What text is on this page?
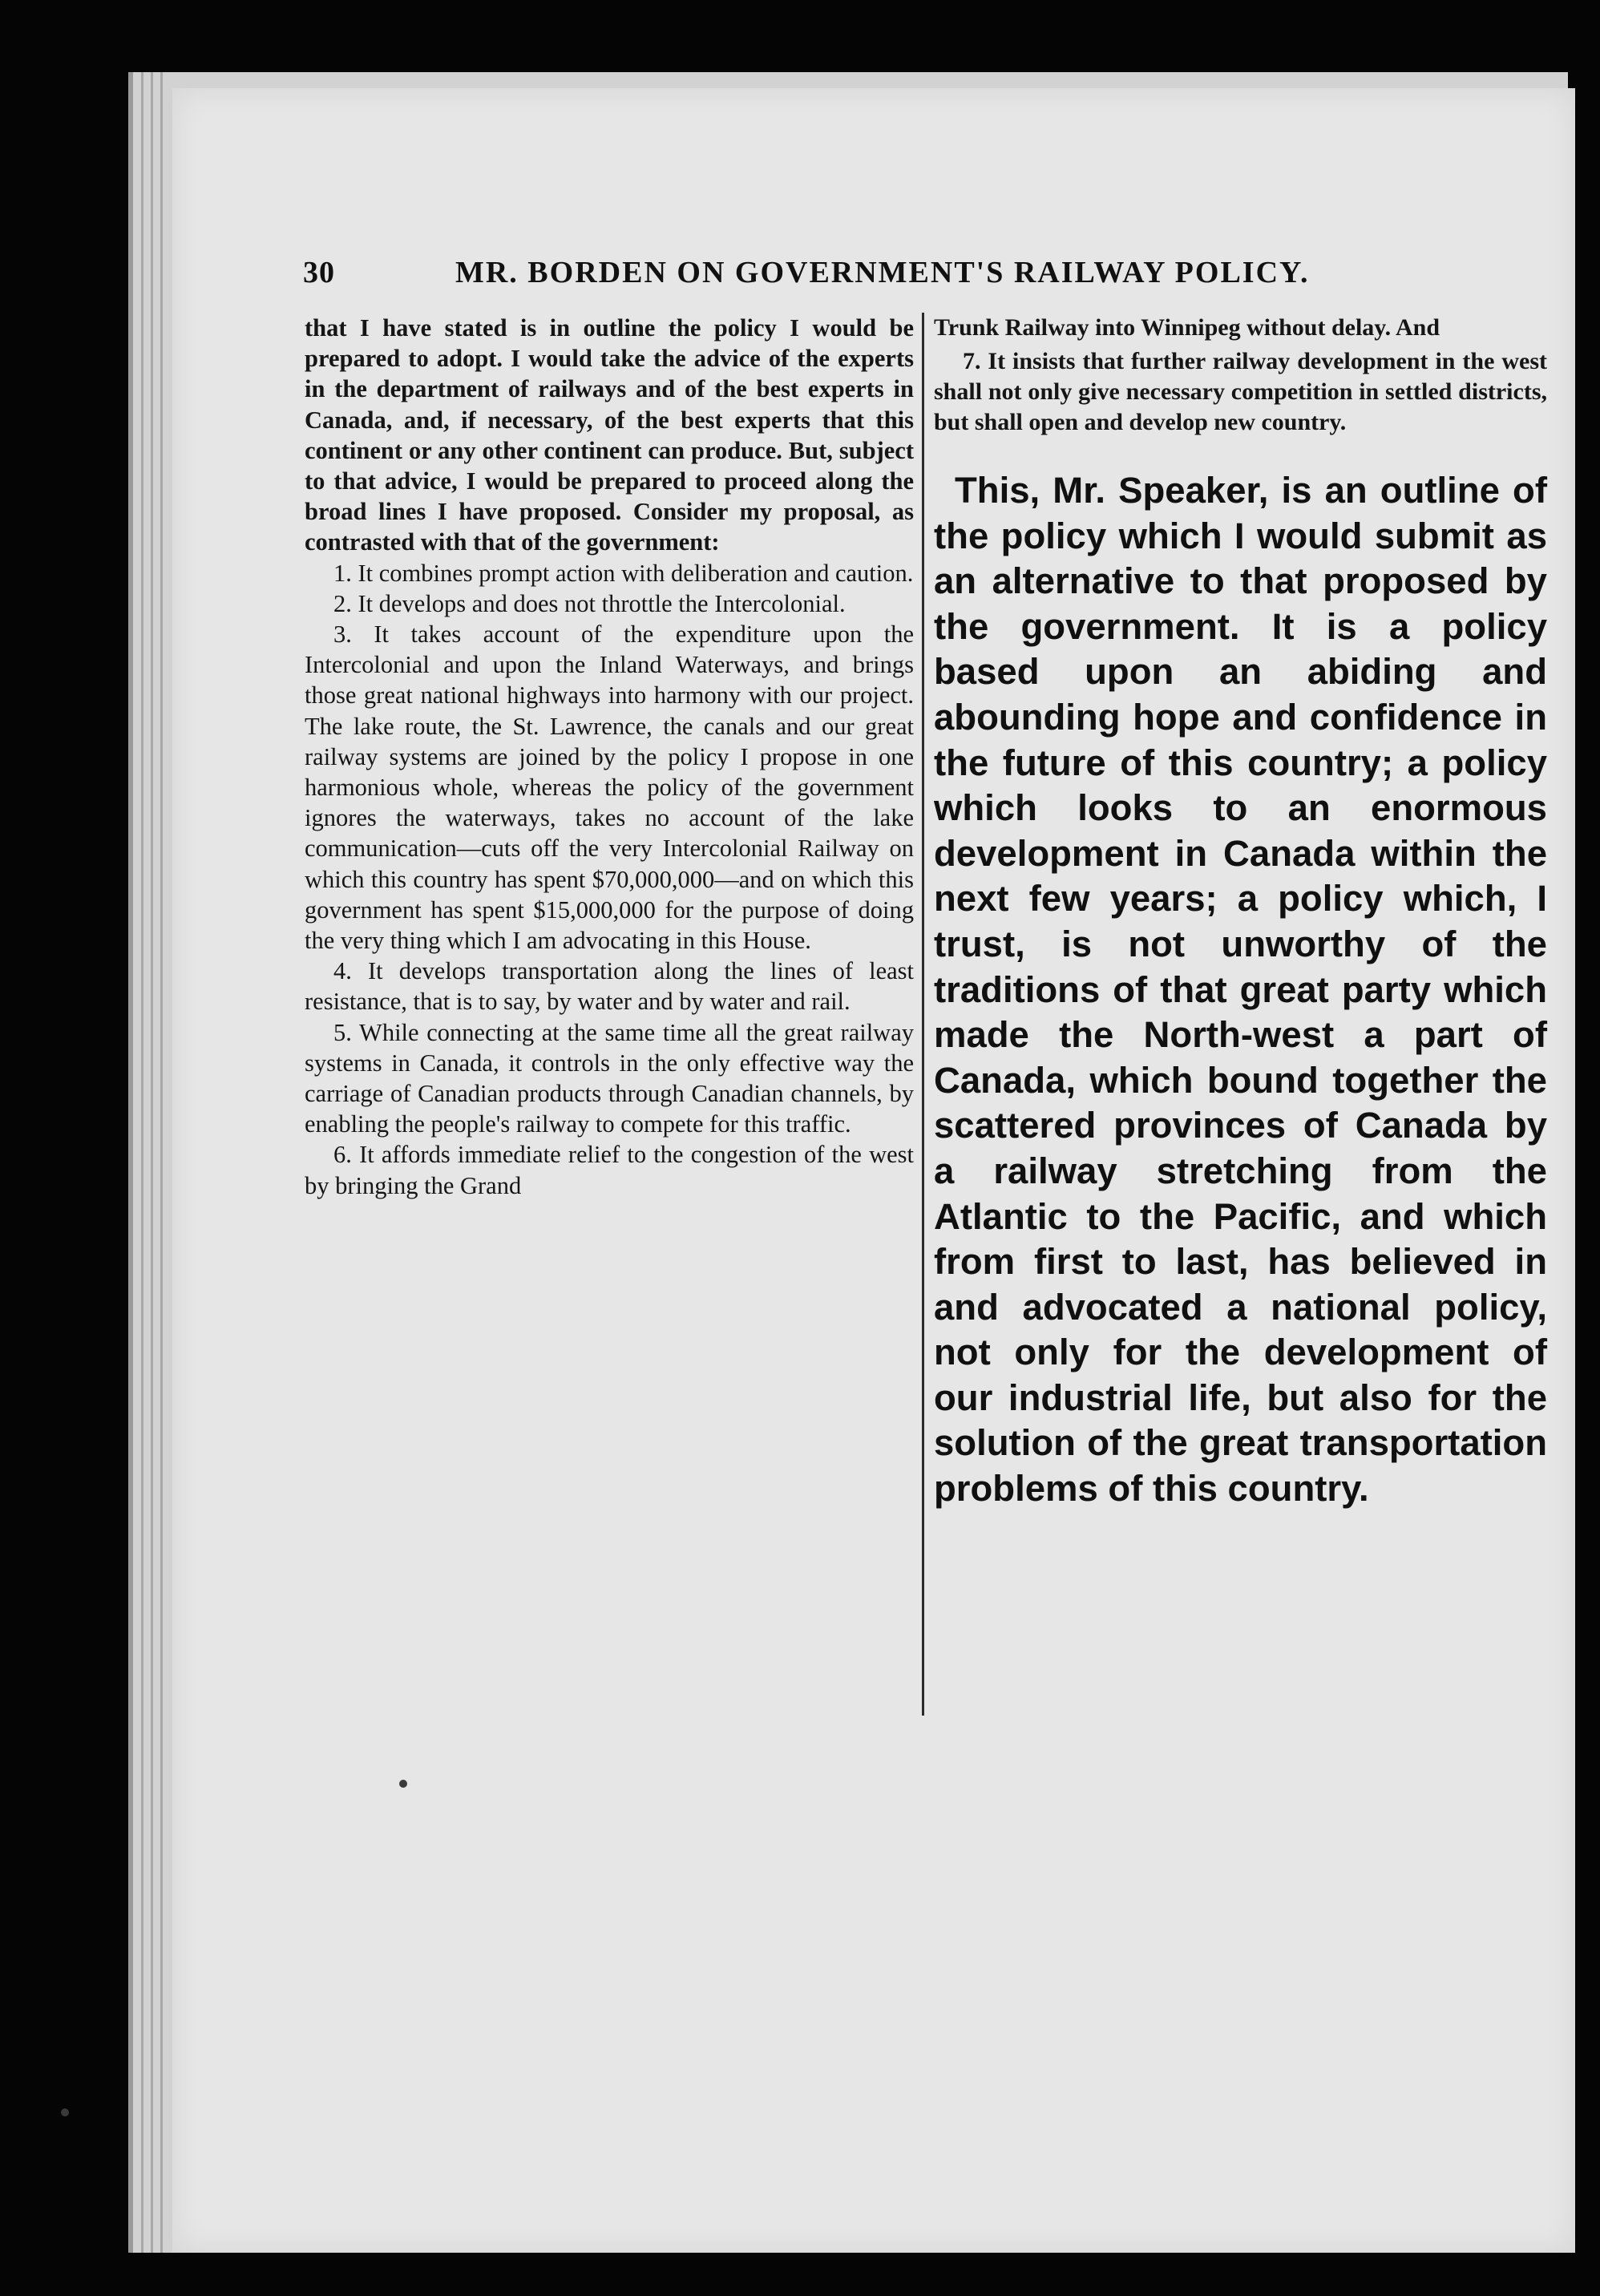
30	MR. BORDEN ON GOVERNMENT'S RAILWAY POLICY.

that I have stated is in outline the policy I would be prepared to adopt. I would take the advice of the experts in the department of railways and of the best experts in Canada, and, if necessary, of the best experts that this continent or any other continent can produce. But, subject to that advice, I would be prepared to proceed along the broad lines I have proposed. Consider my proposal, as contrasted with that of the government:

1. It combines prompt action with deliberation and caution.

2. It develops and does not throttle the Intercolonial.

3. It takes account of the expenditure upon the Intercolonial and upon the Inland Waterways, and brings those great national highways into harmony with our project. The lake route, the St. Lawrence, the canals and our great railway systems are joined by the policy I propose in one harmonious whole, whereas the policy of the government ignores the waterways, takes no account of the lake communication—cuts off the very Intercolonial Railway on which this country has spent $70,000,000—and on which this government has spent $15,000,000 for the purpose of doing the very thing which I am advocating in this House.

4. It develops transportation along the lines of least resistance, that is to say, by water and by water and rail.

5. While connecting at the same time all the great railway systems in Canada, it controls in the only effective way the carriage of Canadian products through Canadian channels, by enabling the people's railway to compete for this traffic.

6. It affords immediate relief to the congestion of the west by bringing the Grand

Trunk Railway into Winnipeg without delay. And

7. It insists that further railway development in the west shall not only give necessary competition in settled districts, but shall open and develop new country.

This, Mr. Speaker, is an outline of the policy which I would submit as an alternative to that proposed by the government. It is a policy based upon an abiding and abounding hope and confidence in the future of this country; a policy which looks to an enormous development in Canada within the next few years; a policy which, I trust, is not unworthy of the traditions of that great party which made the North-west a part of Canada, which bound together the scattered provinces of Canada by a railway stretching from the Atlantic to the Pacific, and which from first to last, has believed in and advocated a national policy, not only for the development of our industrial life, but also for the solution of the great transportation problems of this country.
